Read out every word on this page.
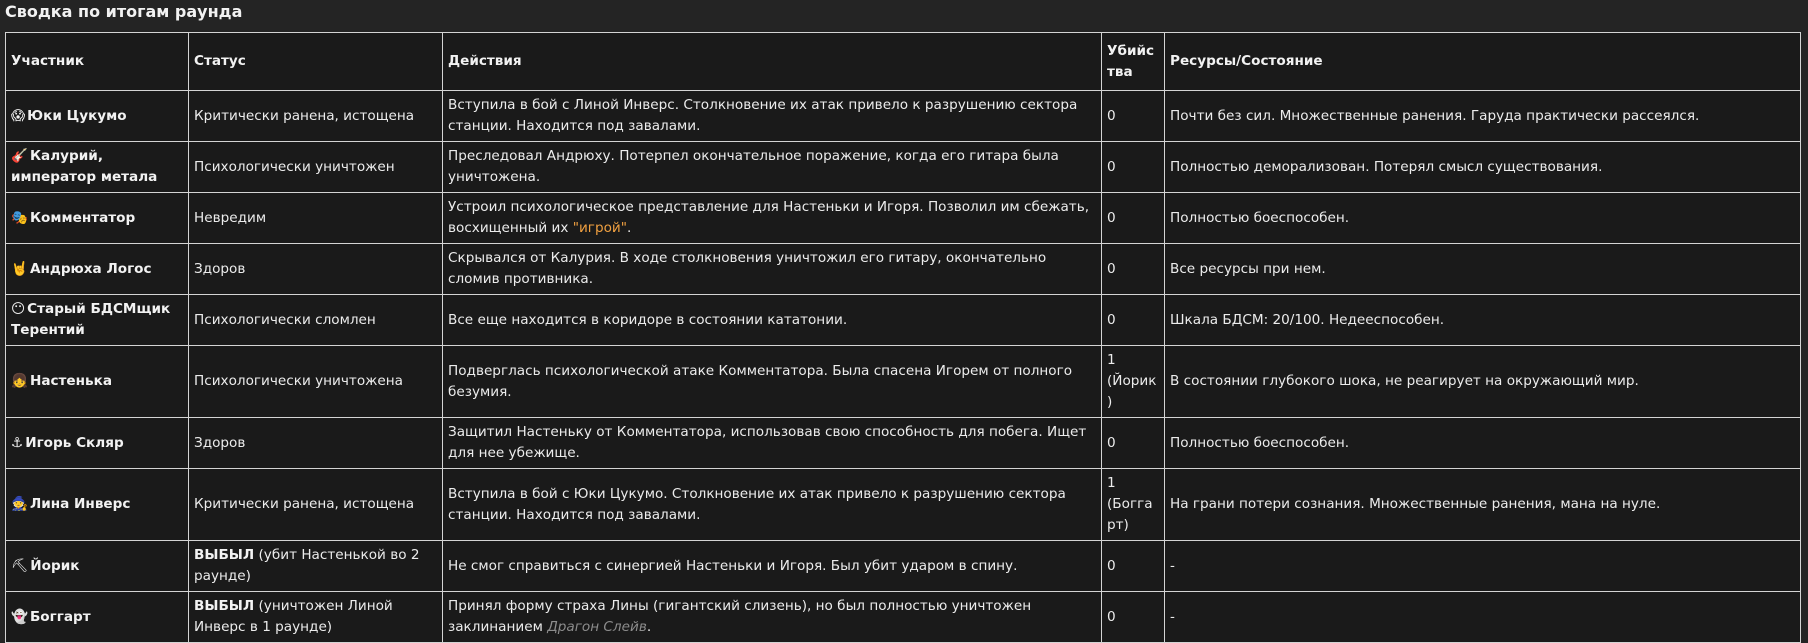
Сводка по итогам раунда
Участник	Статус	Действия	Убийства	Ресурсы/Состояние
😱 Юки Цукумо	Критически ранена, истощена	Вступила в бой с Линой Инверс. Столкновение их атак привело к разрушению сектора станции. Находится под завалами.	0	Почти без сил. Множественные ранения. Гаруда практически рассеялся.
🎸 Калурий, император метала	Психологически уничтожен	Преследовал Андрюху. Потерпел окончательное поражение, когда его гитара была уничтожена.	0	Полностью деморализован. Потерял смысл существования.
🎭 Комментатор	Невредим	Устроил психологическое представление для Настеньки и Игоря. Позволил им сбежать, восхищенный их "игрой".	0	Полностью боеспособен.
🤘 Андрюха Логос	Здоров	Скрывался от Калурия. В ходе столкновения уничтожил его гитару, окончательно сломив противника.	0	Все ресурсы при нем.
😶 Старый БДСМщик Терентий	Психологически сломлен	Все еще находится в коридоре в состоянии кататонии.	0	Шкала БДСМ: 20/100. Недееспособен.
👧 Настенька	Психологически уничтожена	Подверглась психологической атаке Комментатора. Была спасена Игорем от полного безумия.	1 (Йорик)	В состоянии глубокого шока, не реагирует на окружающий мир.
⚓ Игорь Скляр	Здоров	Защитил Настеньку от Комментатора, использовав свою способность для побега. Ищет для нее убежище.	0	Полностью боеспособен.
🧙 Лина Инверс	Критически ранена, истощена	Вступила в бой с Юки Цукумо. Столкновение их атак привело к разрушению сектора станции. Находится под завалами.	1 (Боггарт)	На грани потери сознания. Множественные ранения, мана на нуле.
⛏ Йорик	ВЫБЫЛ (убит Настенькой во 2 раунде)	Не смог справиться с синергией Настеньки и Игоря. Был убит ударом в спину.	0	-
👻 Боггарт	ВЫБЫЛ (уничтожен Линой Инверс в 1 раунде)	Принял форму страха Лины (гигантский слизень), но был полностью уничтожен заклинанием Драгон Слейв.	0	-
